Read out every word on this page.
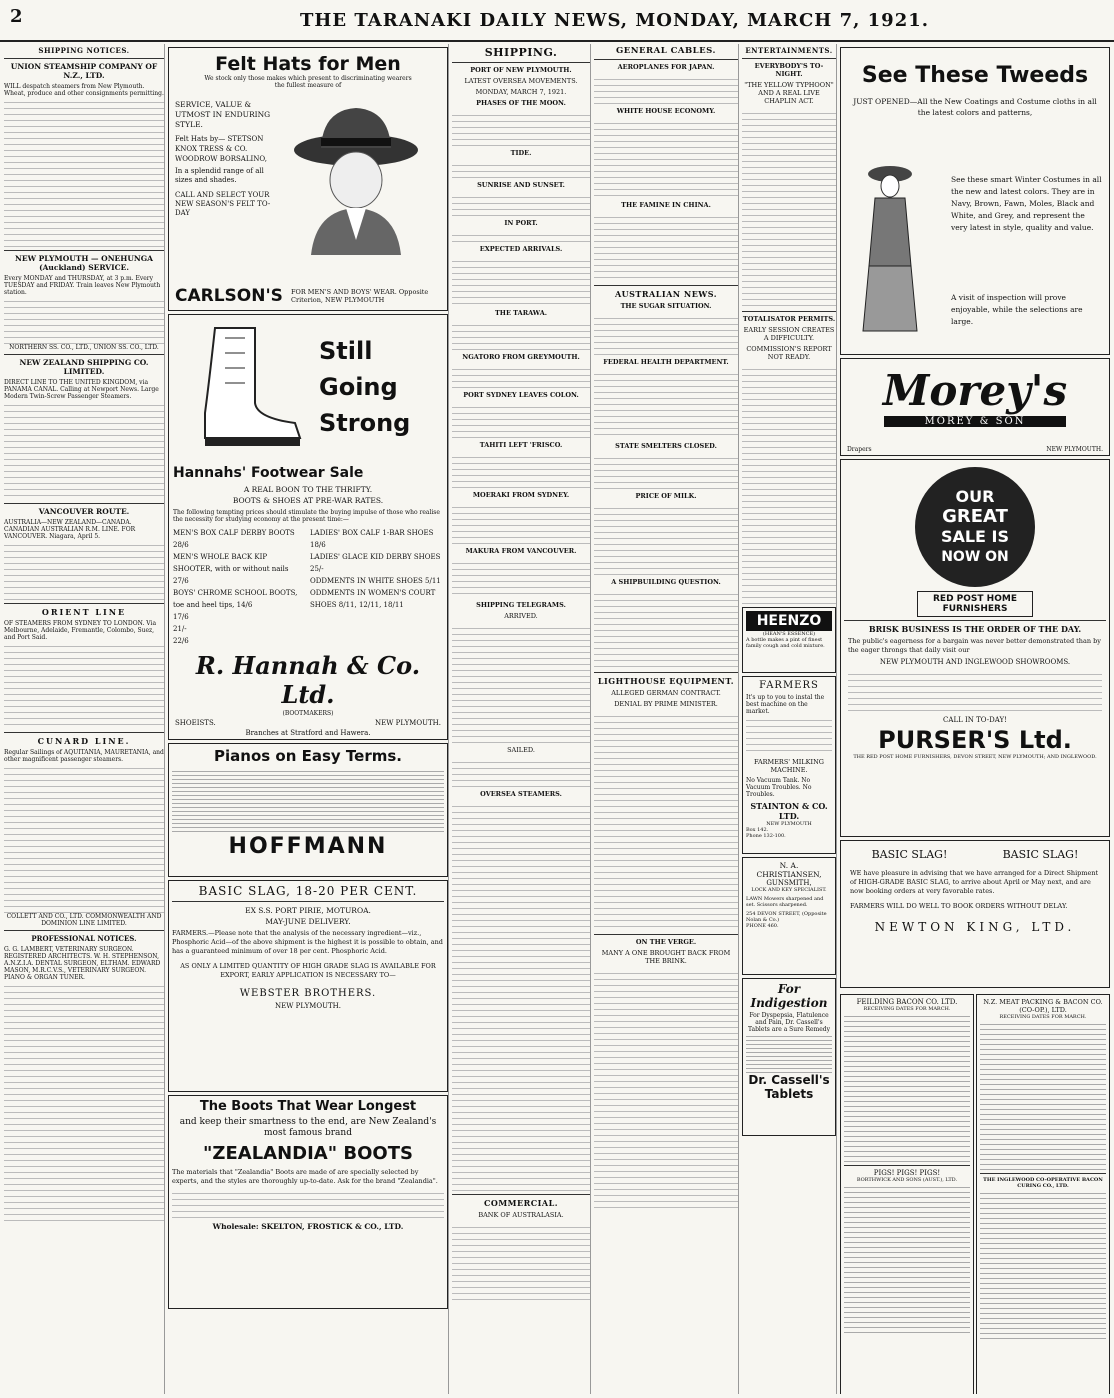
2	THE TARANAKI DAILY NEWS, MONDAY, MARCH 7, 1921.
SHIPPING NOTICES.
UNION STEAMSHIP COMPANY OF N.Z., LTD.
WILL despatch steamers from New Plymouth. Wheat, produce and other consignments permitting.
NEW PLYMOUTH — ONEHUNGA (Auckland) SERVICE.
Every MONDAY and THURSDAY, at 3 p.m. Every TUESDAY and FRIDAY. Train leaves New Plymouth station.
NORTHERN SS. CO., LTD., UNION SS. CO., LTD.
NEW ZEALAND SHIPPING CO. LIMITED.
DIRECT LINE TO THE UNITED KINGDOM, via PANAMA CANAL. Calling at Newport News. Large Modern Twin-Screw Passenger Steamers.
VANCOUVER ROUTE.
AUSTRALIA—NEW ZEALAND—CANADA. CANADIAN AUSTRALIAN R.M. LINE. FOR VANCOUVER. Niagara, April 5.
ORIENT LINE
OF STEAMERS FROM SYDNEY TO LONDON. Via Melbourne, Adelaide, Fremantle, Colombo, Suez, and Port Said.
CUNARD LINE.
Regular Sailings of AQUITANIA, MAURETANIA, and other magnificent passenger steamers.
COLLETT AND CO., LTD. COMMONWEALTH AND DOMINION LINE LIMITED.
PROFESSIONAL NOTICES.
G. G. LAMBERT, VETERINARY SURGEON. REGISTERED ARCHITECTS. W. H. STEPHENSON, A.N.Z.I.A. DENTAL SURGEON, ELTHAM. EDWARD MASON, M.R.C.V.S., VETERINARY SURGEON. PIANO & ORGAN TUNER.
Felt Hats for Men
We stock only those makes which present to discriminating wearers the fullest measure of
SERVICE, VALUE & UTMOST IN ENDURING STYLE.
Felt Hats by— STETSON KNOX TRESS & CO. WOODROW BORSALINO,
In a splendid range of all sizes and shades.
CALL AND SELECT YOUR NEW SEASON'S FELT TO-DAY
CARLSON'S FOR MEN'S AND BOYS' WEAR. Opposite Criterion, NEW PLYMOUTH
Still
Going
Strong
Hannahs' Footwear Sale
A REAL BOON TO THE THRIFTY.
BOOTS & SHOES AT PRE-WAR RATES.
The following tempting prices should stimulate the buying impulse of those who realise the necessity for studying economy at the present time:—
MEN'S BOX CALF DERBY BOOTS 28/6
MEN'S WHOLE BACK KIP SHOOTER, with or without nails 27/6
BOYS' CHROME SCHOOL BOOTS, toe and heel tips, 14/6
17/6
21/-
22/6
LADIES' BOX CALF 1-BAR SHOES 18/6
LADIES' GLACE KID DERBY SHOES 25/-
ODDMENTS IN WHITE SHOES 5/11
ODDMENTS IN WOMEN'S COURT SHOES 8/11, 12/11, 18/11
R. Hannah & Co. Ltd.
(BOOTMAKERS)
SHOEISTS.	NEW PLYMOUTH.
Branches at Stratford and Hawera.
Pianos on Easy Terms.
HOFFMANN
BASIC SLAG, 18-20 PER CENT.
EX S.S. PORT PIRIE, MOTUROA.
MAY-JUNE DELIVERY.
FARMERS.—Please note that the analysis of the necessary ingredient—viz., Phosphoric Acid—of the above shipment is the highest it is possible to obtain, and has a guaranteed minimum of over 18 per cent. Phosphoric Acid.
AS ONLY A LIMITED QUANTITY OF HIGH GRADE SLAG IS AVAILABLE FOR EXPORT, EARLY APPLICATION IS NECESSARY TO—
WEBSTER BROTHERS.
NEW PLYMOUTH.
The Boots That Wear Longest
and keep their smartness to the end, are New Zealand's most famous brand
"ZEALANDIA" BOOTS
The materials that "Zealandia" Boots are made of are specially selected by experts, and the styles are thoroughly up-to-date. Ask for the brand "Zealandia".
Wholesale: SKELTON, FROSTICK & CO., LTD.
SHIPPING.
PORT OF NEW PLYMOUTH.
LATEST OVERSEA MOVEMENTS.
MONDAY, MARCH 7, 1921.
PHASES OF THE MOON.
TIDE.
SUNRISE AND SUNSET.
IN PORT.
EXPECTED ARRIVALS.
THE TARAWA.
NGATORO FROM GREYMOUTH.
PORT SYDNEY LEAVES COLON.
TAHITI LEFT 'FRISCO.
MOERAKI FROM SYDNEY.
MAKURA FROM VANCOUVER.
SHIPPING TELEGRAMS.
ARRIVED.
SAILED.
OVERSEA STEAMERS.
COMMERCIAL.
BANK OF AUSTRALASIA.
GENERAL CABLES.
AEROPLANES FOR JAPAN.
WHITE HOUSE ECONOMY.
THE FAMINE IN CHINA.
AUSTRALIAN NEWS.
THE SUGAR SITUATION.
FEDERAL HEALTH DEPARTMENT.
STATE SMELTERS CLOSED.
PRICE OF MILK.
A SHIPBUILDING QUESTION.
LIGHTHOUSE EQUIPMENT.
ALLEGED GERMAN CONTRACT.
DENIAL BY PRIME MINISTER.
ON THE VERGE.
MANY A ONE BROUGHT BACK FROM THE BRINK.
ENTERTAINMENTS.
EVERYBODY'S TO-NIGHT.
"THE YELLOW TYPHOON" AND A REAL LIVE CHAPLIN ACT.
TOTALISATOR PERMITS.
EARLY SESSION CREATES A DIFFICULTY.
COMMISSION'S REPORT NOT READY.
HEENZO
(HEAN'S ESSENCE)
A bottle makes a pint of finest family cough and cold mixture.
FARMERS
It's up to you to instal the best machine on the market.
FARMERS' MILKING MACHINE.
No Vacuum Tank. No Vacuum Troubles. No Troubles.
STAINTON & CO. LTD.
NEW PLYMOUTH
Box 142.
Phone 132-100.
N. A. CHRISTIANSEN,
GUNSMITH,
LOCK AND KEY SPECIALIST.
LAWN Mowers sharpened and set. Scissors sharpened.
254 DEVON STREET, (Opposite Nolan & Co.)
PHONE 460.
For Indigestion
For Dyspepsia, Flatulence and Pain, Dr. Cassell's Tablets are a Sure Remedy
Dr. Cassell's Tablets
See These Tweeds
JUST OPENED—All the New Coatings and Costume cloths in all the latest colors and patterns,
See these smart Winter Costumes in all the new and latest colors. They are in Navy, Brown, Fawn, Moles, Black and White, and Grey, and represent the very latest in style, quality and value.
A visit of inspection will prove enjoyable, while the selections are large.
Morey's
MOREY & SON
Drapers	NEW PLYMOUTH.
OUR
GREAT
SALE IS
NOW ON
RED POST HOME FURNISHERS
BRISK BUSINESS IS THE ORDER OF THE DAY.
The public's eagerness for a bargain was never better demonstrated than by the eager throngs that daily visit our
NEW PLYMOUTH AND INGLEWOOD SHOWROOMS.
CALL IN TO-DAY!
PURSER'S Ltd.
THE RED POST HOME FURNISHERS, DEVON STREET, NEW PLYMOUTH; AND INGLEWOOD.
BASIC SLAG!	BASIC SLAG!
WE have pleasure in advising that we have arranged for a Direct Shipment of HIGH-GRADE BASIC SLAG, to arrive about April or May next, and are now booking orders at very favorable rates.
FARMERS WILL DO WELL TO BOOK ORDERS WITHOUT DELAY.
NEWTON KING, LTD.
FEILDING BACON CO. LTD.
RECEIVING DATES FOR MARCH.
PIGS! PIGS! PIGS!
BORTHWICK AND SONS (AUST.), LTD.
N.Z. MEAT PACKING & BACON CO. (CO-OP.), LTD.
RECEIVING DATES FOR MARCH.
THE INGLEWOOD CO-OPERATIVE BACON CURING CO., LTD.
